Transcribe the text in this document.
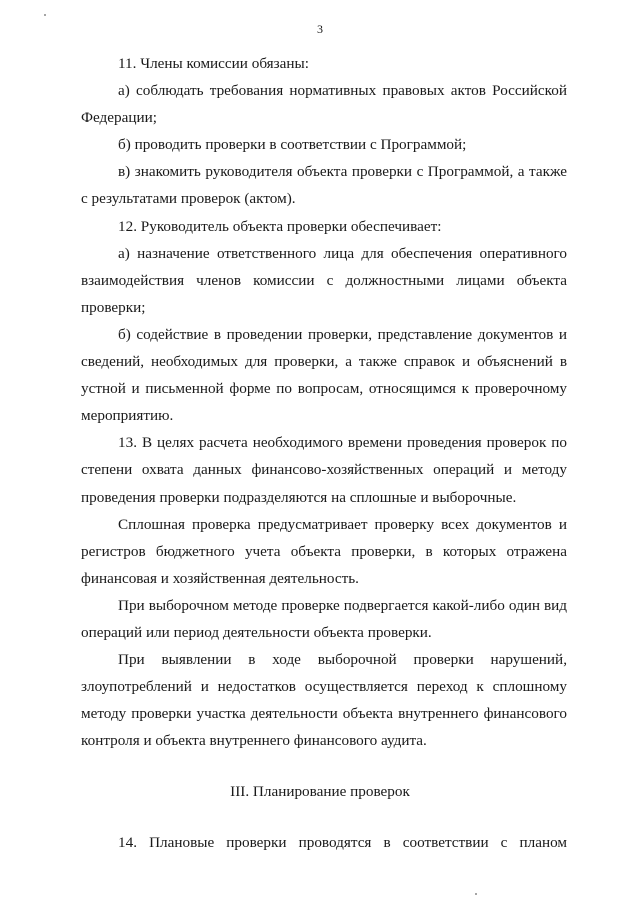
3

11. Члены комиссии обязаны:

а) соблюдать требования нормативных правовых актов Российской Федерации;

б) проводить проверки в соответствии с Программой;

в) знакомить руководителя объекта проверки с Программой, а также с результатами проверок (актом).

12. Руководитель объекта проверки обеспечивает:

а) назначение ответственного лица для обеспечения оперативного взаимодействия членов комиссии с должностными лицами объекта проверки;

б) содействие в проведении проверки, представление документов и сведений, необходимых для проверки, а также справок и объяснений в устной и письменной форме по вопросам, относящимся к проверочному мероприятию.

13. В целях расчета необходимого времени проведения проверок по степени охвата данных финансово-хозяйственных операций и методу проведения проверки подразделяются на сплошные и выборочные.

Сплошная проверка предусматривает проверку всех документов и регистров бюджетного учета объекта проверки, в которых отражена финансовая и хозяйственная деятельность.

При выборочном методе проверке подвергается какой-либо один вид операций или период деятельности объекта проверки.

При выявлении в ходе выборочной проверки нарушений, злоупотреблений и недостатков осуществляется переход к сплошному методу проверки участка деятельности объекта внутреннего финансового контроля и объекта внутреннего финансового аудита.

III. Планирование проверок

14. Плановые проверки проводятся в соответствии с планом
